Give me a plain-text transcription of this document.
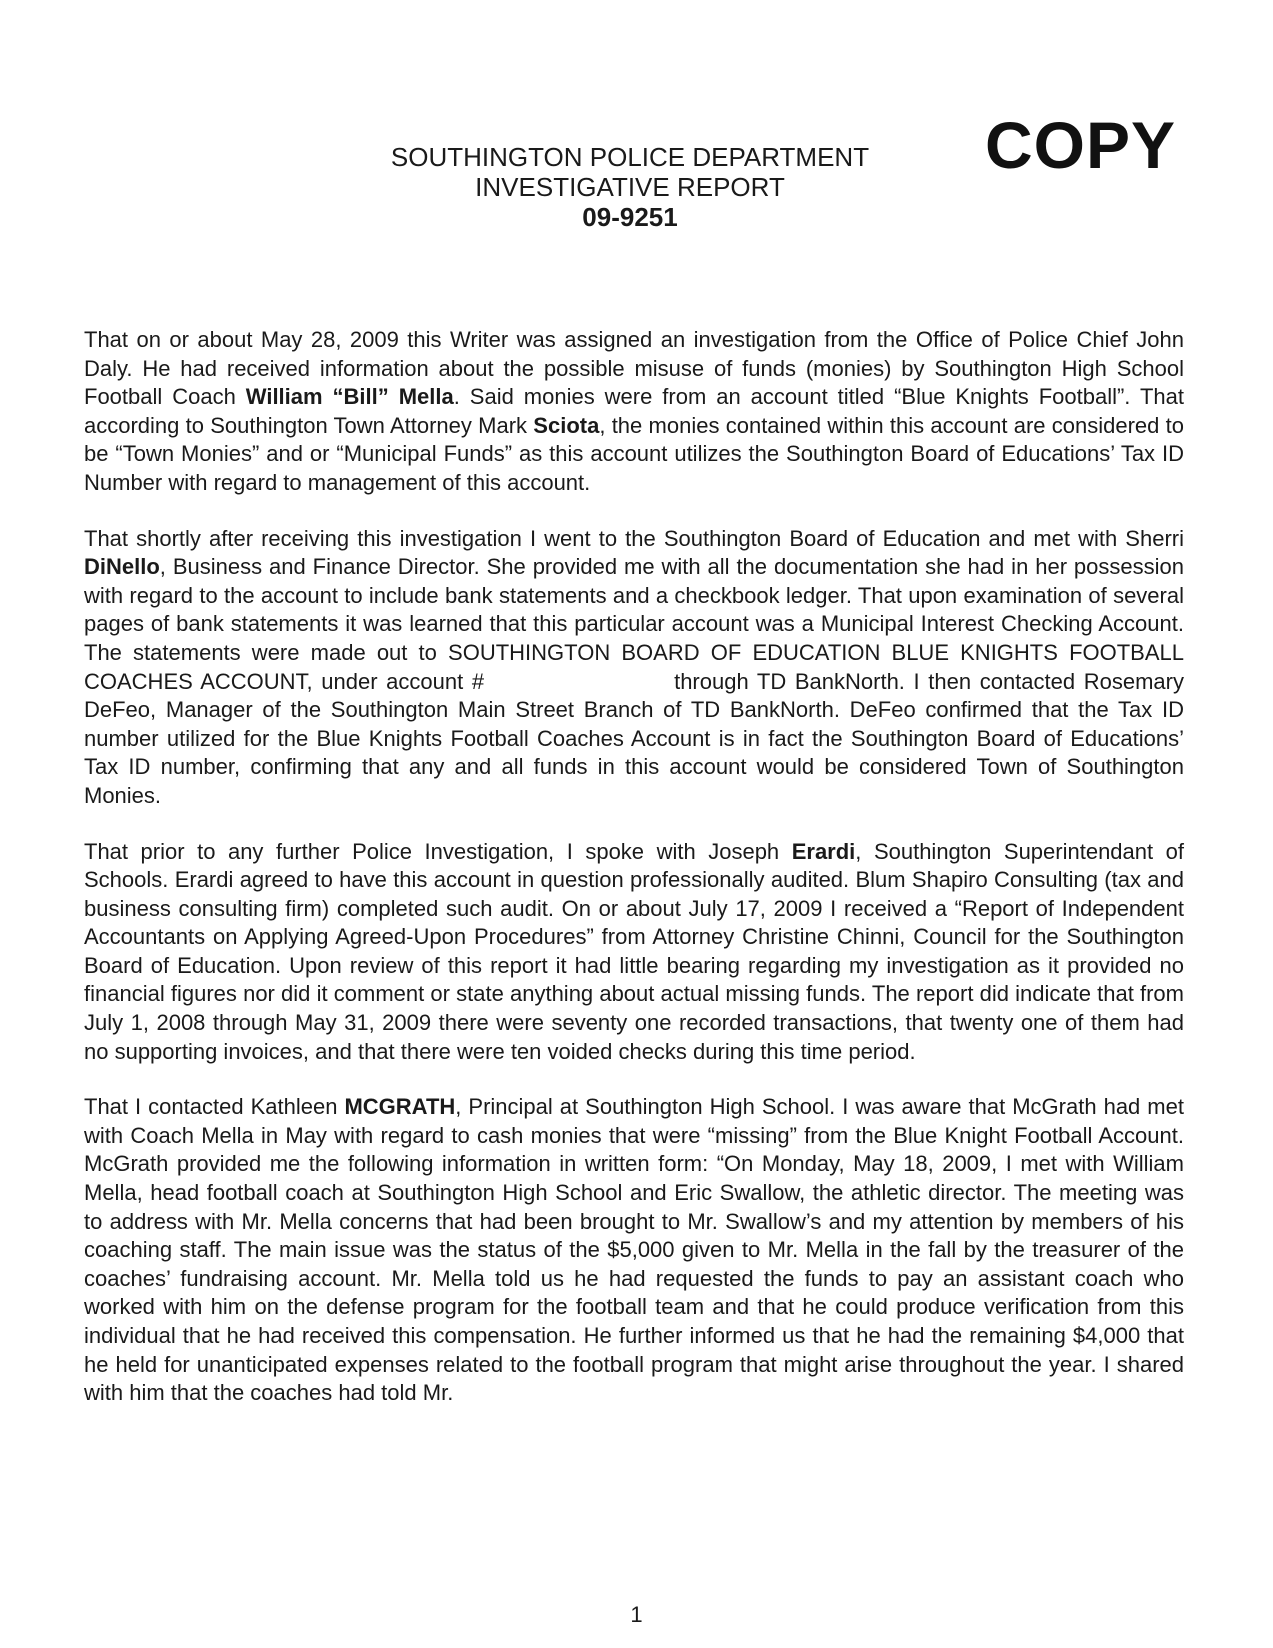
COPY
SOUTHINGTON POLICE DEPARTMENT
INVESTIGATIVE REPORT
09-9251

That on or about May 28, 2009 this Writer was assigned an investigation from the Office of Police Chief John Daly. He had received information about the possible misuse of funds (monies) by Southington High School Football Coach William “Bill” Mella. Said monies were from an account titled “Blue Knights Football”. That according to Southington Town Attorney Mark Sciota, the monies contained within this account are considered to be “Town Monies” and or “Municipal Funds” as this account utilizes the Southington Board of Educations’ Tax ID Number with regard to management of this account.

That shortly after receiving this investigation I went to the Southington Board of Education and met with Sherri DiNello, Business and Finance Director. She provided me with all the documentation she had in her possession with regard to the account to include bank statements and a checkbook ledger. That upon examination of several pages of bank statements it was learned that this particular account was a Municipal Interest Checking Account. The statements were made out to SOUTHINGTON BOARD OF EDUCATION BLUE KNIGHTS FOOTBALL COACHES ACCOUNT, under account #	through TD BankNorth. I then contacted Rosemary DeFeo, Manager of the Southington Main Street Branch of TD BankNorth. DeFeo confirmed that the Tax ID number utilized for the Blue Knights Football Coaches Account is in fact the Southington Board of Educations’ Tax ID number, confirming that any and all funds in this account would be considered Town of Southington Monies.

That prior to any further Police Investigation, I spoke with Joseph Erardi, Southington Superintendant of Schools. Erardi agreed to have this account in question professionally audited. Blum Shapiro Consulting (tax and business consulting firm) completed such audit. On or about July 17, 2009 I received a “Report of Independent Accountants on Applying Agreed-Upon Procedures” from Attorney Christine Chinni, Council for the Southington Board of Education. Upon review of this report it had little bearing regarding my investigation as it provided no financial figures nor did it comment or state anything about actual missing funds. The report did indicate that from July 1, 2008 through May 31, 2009 there were seventy one recorded transactions, that twenty one of them had no supporting invoices, and that there were ten voided checks during this time period.

That I contacted Kathleen MCGRATH, Principal at Southington High School. I was aware that McGrath had met with Coach Mella in May with regard to cash monies that were “missing” from the Blue Knight Football Account. McGrath provided me the following information in written form: “On Monday, May 18, 2009, I met with William Mella, head football coach at Southington High School and Eric Swallow, the athletic director. The meeting was to address with Mr. Mella concerns that had been brought to Mr. Swallow’s and my attention by members of his coaching staff. The main issue was the status of the $5,000 given to Mr. Mella in the fall by the treasurer of the coaches’ fundraising account. Mr. Mella told us he had requested the funds to pay an assistant coach who worked with him on the defense program for the football team and that he could produce verification from this individual that he had received this compensation. He further informed us that he had the remaining $4,000 that he held for unanticipated expenses related to the football program that might arise throughout the year. I shared with him that the coaches had told Mr.

1
